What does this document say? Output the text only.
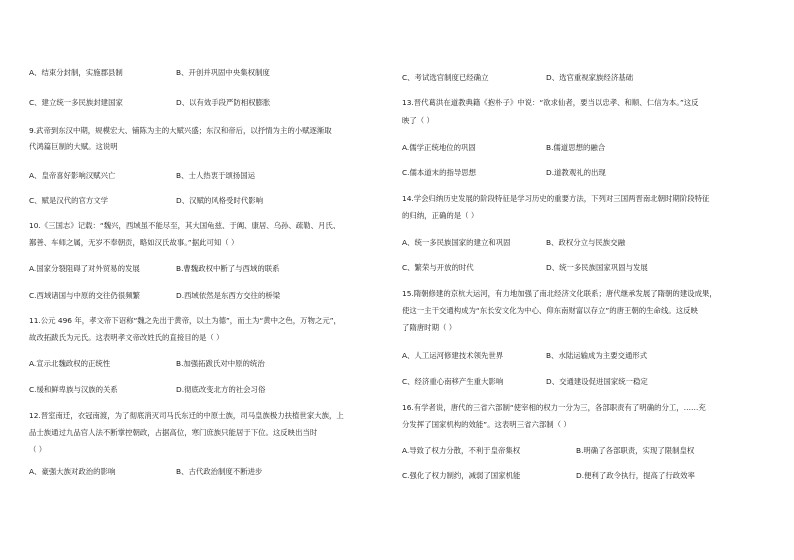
A、结束分封制，实施郡县制	B、开创并巩固中央集权制度
C、建立统一多民族封建国家	D、以有效手段严防相权膨胀
9.武帝到东汉中期，规模宏大、铺陈为主的大赋兴盛；东汉和帝后，以抒情为主的小赋逐渐取
代鸿篇巨制的大赋。这说明
A、皇帝喜好影响汉赋兴亡	B、士人热衷于颂扬国运
C、赋是汉代的官方文学	D、汉赋的风格受时代影响
10.《三国志》记载：“魏兴，西域虽不能尽至，其大国龟兹、于阗、康居、乌孙、疏勒、月氏、
鄯善、车师之属，无岁不奉朝贡，略如汉氏故事。”据此可知（ ）
A.国家分裂阻碍了对外贸易的发展	B.曹魏政权中断了与西域的联系
C.西域诸国与中原的交往仍很频繁	D.西域依然是东西方交往的桥梁
11.公元 496 年，孝文帝下诏称“魏之先出于黄帝，以土为德”，而土为“黄中之色，万物之元”，
故改拓跋氏为元氏。这表明孝文帝改姓氏的直接目的是（ ）
A.宣示北魏政权的正统性	B.加强拓跋氏对中原的统治
C.缓和鲜卑族与汉族的关系	D.彻底改变北方的社会习俗
12.晋室南迁，衣冠南渡，为了彻底消灭司马氏东迁的中原士族，司马皇族极力扶植世家大族，上
品士族通过九品官人法不断掌控朝政，占据高位，寒门庶族只能居于下位。这反映出当时
（ ）
A、豪强大族对政治的影响	B、古代政治制度不断进步
C、考试选官制度已经确立	D、选官重视家族经济基础
13.晋代葛洪在道教典籍《抱朴子》中说：“欲求仙者，要当以忠孝、和顺、仁信为本。”这反
映了（ ）
A.儒学正统地位的巩固	B.儒道思想的融合
C.儒本道末的指导思想	D.道教观礼的出现
14.学会归纳历史发展的阶段特征是学习历史的重要方法，下列对三国两晋南北朝时期阶段特征
的归纳，正确的是（ ）
A、统一多民族国家的建立和巩固	B、政权分立与民族交融
C、繁荣与开放的时代	D、统一多民族国家巩固与发展
15.隋朝修建的京杭大运河，有力地加强了南北经济文化联系；唐代继承发展了隋朝的建设成果，
使这一主干交通构成为“东长安文化为中心、仰东南财富以存立”的唐王朝的生命线。这反映
了隋唐时期（ ）
A、人工运河修建技术领先世界	B、水陆运输成为主要交通形式
C、经济重心南移产生重大影响	D、交通建设促进国家统一稳定
16.有学者说，唐代的三省六部制“使宰相的权力一分为三，各部职责有了明确的分工，……充
分发挥了国家机构的效能”。这表明三省六部制（ ）
A.导致了权力分散，不利于皇帝集权	B.明确了各部职责，实现了限制皇权
C.强化了权力制约，减弱了国家机能	D.便利了政令执行，提高了行政效率
